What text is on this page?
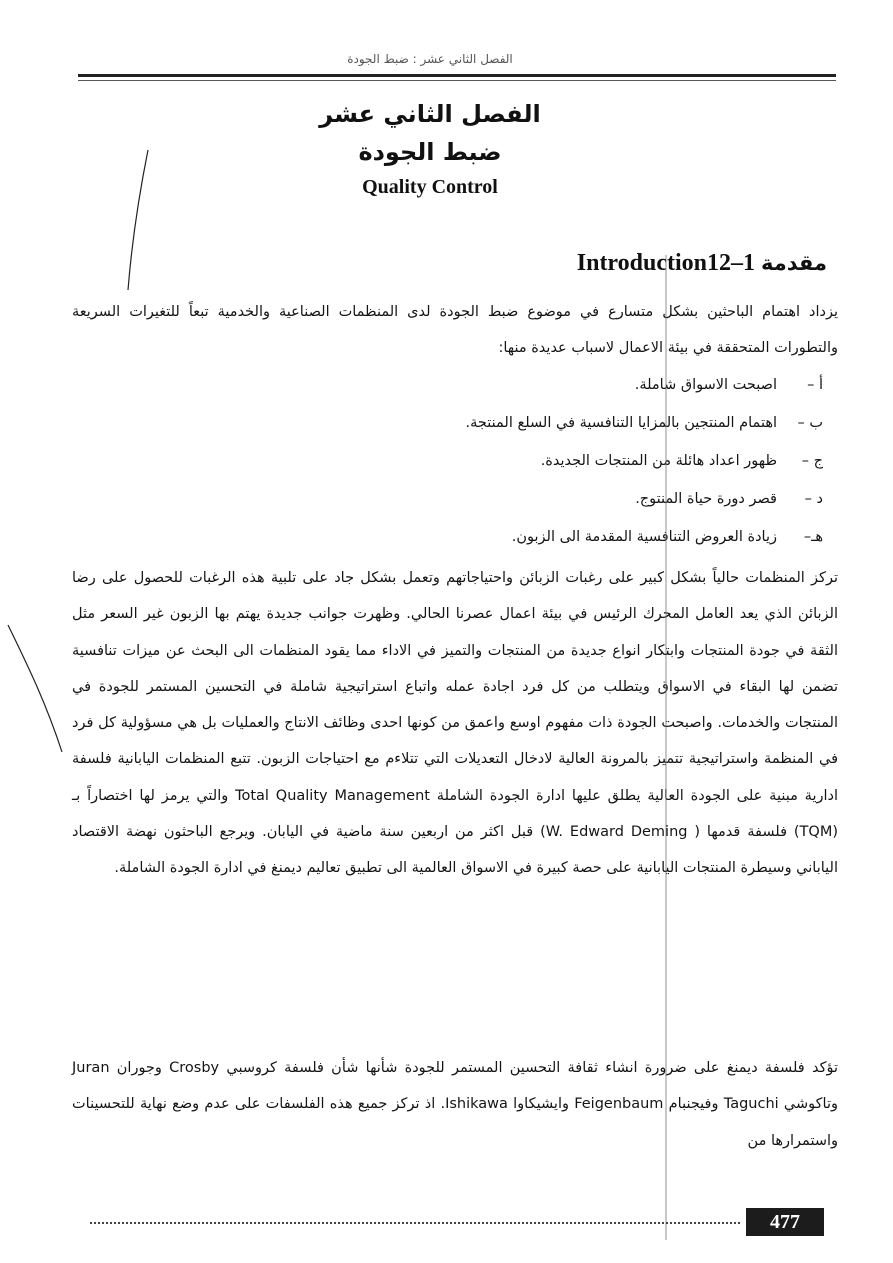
الفصل الثاني عشر : ضبط الجودة
الفصل الثاني عشر
ضبط الجودة
Quality Control
Introduction	مقدمة1–12

يزداد اهتمام الباحثين بشكل متسارع في موضوع ضبط الجودة لدى المنظمات الصناعية والخدمية تبعاً للتغيرات السريعة والتطورات المتحققة في بيئة الاعمال لاسباب عديدة منها:

أ –اصبحت الاسواق شاملة.
ب –اهتمام المنتجين بالمزايا التنافسية في السلع المنتجة.
ج –ظهور اعداد هائلة من المنتجات الجديدة.
د –قصر دورة حياة المنتوج.
هـ–زيادة العروض التنافسية المقدمة الى الزبون.

تركز المنظمات حالياً بشكل كبير على رغبات الزبائن واحتياجاتهم وتعمل بشكل جاد على تلبية هذه الرغبات للحصول على رضا الزبائن الذي يعد العامل المحرك الرئيس في بيئة اعمال عصرنا الحالي. وظهرت جوانب جديدة يهتم بها الزبون غير السعر مثل الثقة في جودة المنتجات وابتكار انواع جديدة من المنتجات والتميز في الاداء مما يقود المنظمات الى البحث عن ميزات تنافسية تضمن لها البقاء في الاسواق ويتطلب من كل فرد اجادة عمله واتباع استراتيجية شاملة في التحسين المستمر للجودة في المنتجات والخدمات. واصبحت الجودة ذات مفهوم اوسع واعمق من كونها احدى وظائف الانتاج والعمليات بل هي مسؤولية كل فرد في المنظمة واستراتيجية تتميز بالمرونة العالية لادخال التعديلات التي تتلاءم مع احتياجات الزبون. تتبع المنظمات اليابانية فلسفة ادارية مبنية على الجودة العالية يطلق عليها ادارة الجودة الشاملة Total Quality Management والتي يرمز لها اختصاراً بـ (TQM) فلسفة قدمها ( W. Edward Deming) قبل اكثر من اربعين سنة ماضية في اليابان. ويرجع الباحثون نهضة الاقتصاد الياباني وسيطرة المنتجات اليابانية على حصة كبيرة في الاسواق العالمية الى تطبيق تعاليم ديمنغ في ادارة الجودة الشاملة.

تؤكد فلسفة ديمنغ على ضرورة انشاء ثقافة التحسين المستمر للجودة شأنها شأن فلسفة كروسبي Crosby وجوران Juran وتاكوشي Taguchi وفيجنبام Feigenbaum وايشيكاوا Ishikawa. اذ تركز جميع هذه الفلسفات على عدم وضع نهاية للتحسينات واستمرارها من

477
